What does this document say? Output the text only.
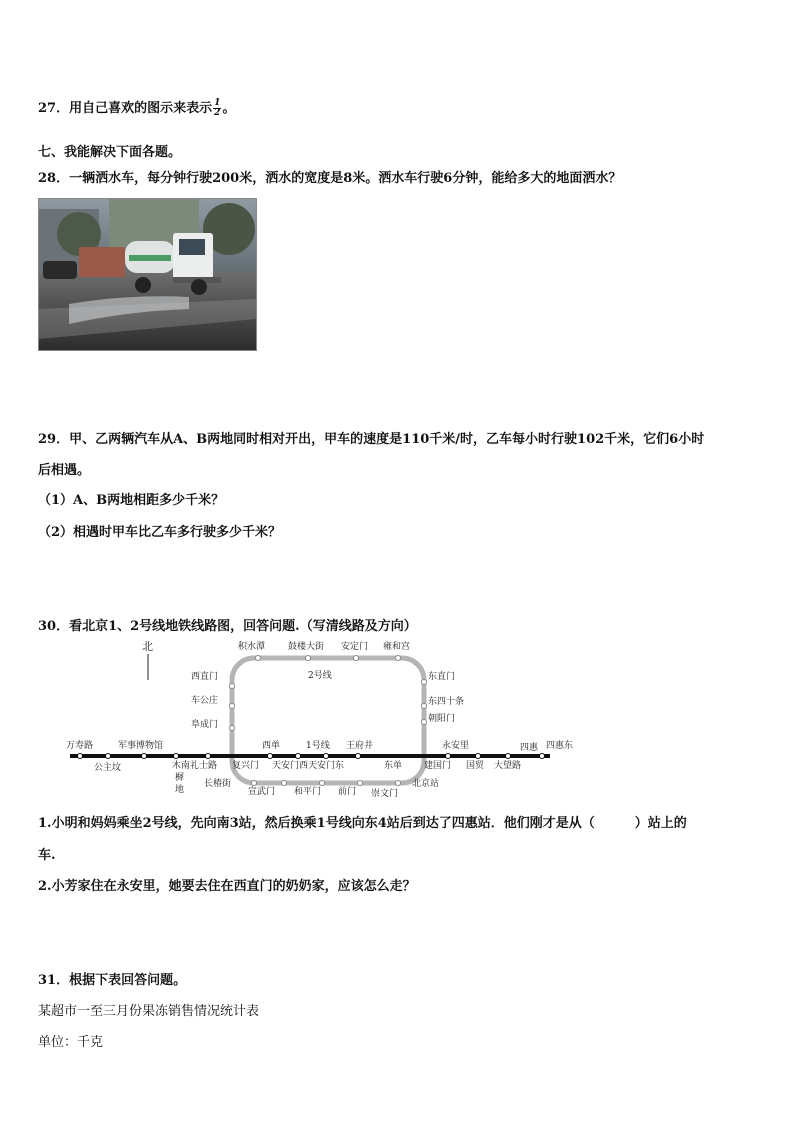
27．用自己喜欢的图示来表示 $\frac{1}{2}$ 。
七、我能解决下面各题。
28．一辆洒水车，每分钟行驶200米，洒水的宽度是8米。洒水车行驶6分钟，能给多大的地面洒水？
29．甲、乙两辆汽车从A、B两地同时相对开出，甲车的速度是110千米/时，乙车每小时行驶102千米，它们6小时
后相遇。
（1）A、B两地相距多少千米？
（2）相遇时甲车比乙车多行驶多少千米？
30．看北京1、2号线地铁线路图，回答问题.（写清线路及方向）
北
2号线
1号线
积水潭	鼓楼大街 安定门 雍和宫
西直门
车公庄
阜成门
东直门
东四十条
朝阳门
万寿路	军事博物馆	西单	王府井	永安里	四惠 四惠东
公主坟	木南礼士路
樨
地
复兴门 天安门西 天安门东	东单 建国门 国贸 大望路
长椿街
宣武门 和平门 前门 崇文门
北京站
1.小明和妈妈乘坐2号线，先向南3站，然后换乘1号线向东4站后到达了四惠站．他们刚才是从（	）站上的
车.
2.小芳家住在永安里，她要去住在西直门的奶奶家，应该怎么走？
31．根据下表回答问题。
某超市一至三月份果冻销售情况统计表
单位：千克
